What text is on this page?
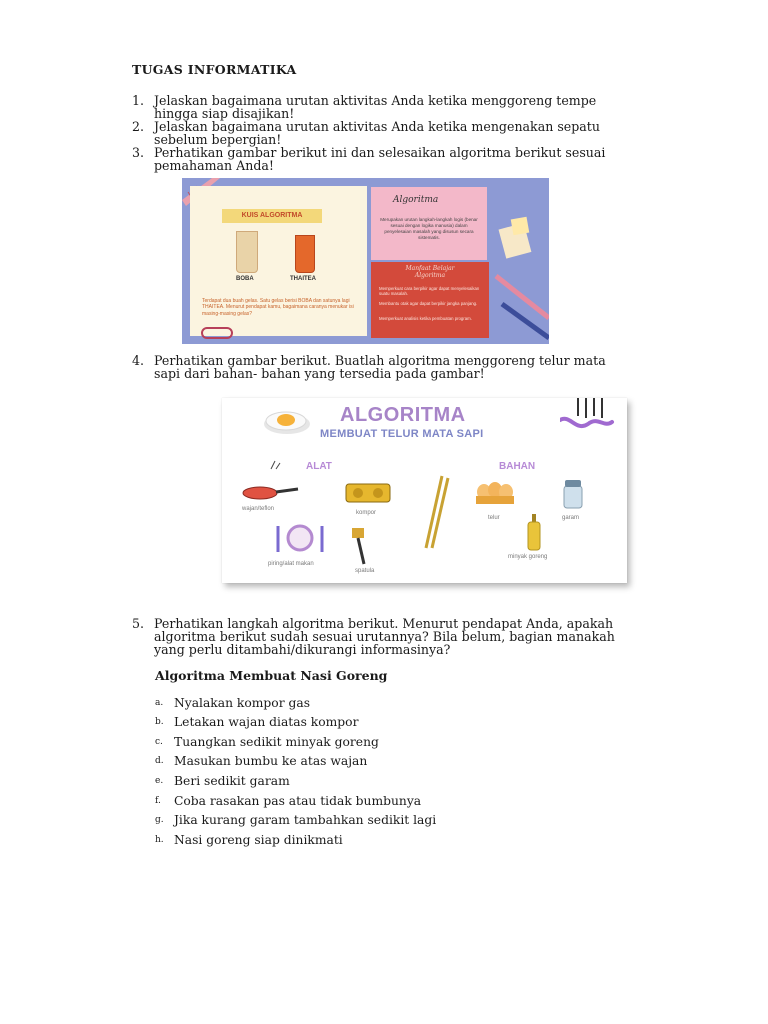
TUGAS INFORMATIKA
1. Jelaskan bagaimana urutan aktivitas Anda ketika menggoreng tempe hingga siap disajikan!
2. Jelaskan bagaimana urutan aktivitas Anda ketika mengenakan sepatu sebelum bepergian!
3. Perhatikan gambar berikut ini dan selesaikan algoritma berikut sesuai pemahaman Anda!
KUIS ALGORITMA
BOBA	THAITEA
Terdapat dua buah gelas. Satu gelas berisi BOBA dan satunya lagi THAITEA. Menurut pendapat kamu, bagaimana caranya menukar isi masing-masing gelas?
Algoritma
Merupakan urutan langkah-langkah logis (benar sesuai dengan logika manusia) dalam penyelesaian masalah yang disusun secara sistematis.
Manfaat Belajar Algoritma
Memperkuat cara berpikir agar dapat menyelesaikan suatu masalah.
Membantu otak agar dapat berpikir jangka panjang.
Memperkuat analisis ketika pembuatan program.
4. Perhatikan gambar berikut. Buatlah algoritma menggoreng telur mata sapi dari bahan- bahan yang tersedia pada gambar!
ALGORITMA
MEMBUAT TELUR MATA SAPI
ALAT	BAHAN
wajan/teflon
kompor
piring/alat makan
spatula
telur	garam
minyak goreng
5. Perhatikan langkah algoritma berikut. Menurut pendapat Anda, apakah algoritma berikut sudah sesuai urutannya? Bila belum, bagian manakah yang perlu ditambahi/dikurangi informasinya?
Algoritma Membuat Nasi Goreng
a. Nyalakan kompor gas
b. Letakan wajan diatas kompor
c. Tuangkan sedikit minyak goreng
d. Masukan bumbu ke atas wajan
e. Beri sedikit garam
f. Coba rasakan pas atau tidak bumbunya
g. Jika kurang garam tambahkan sedikit lagi
h. Nasi goreng siap dinikmati
